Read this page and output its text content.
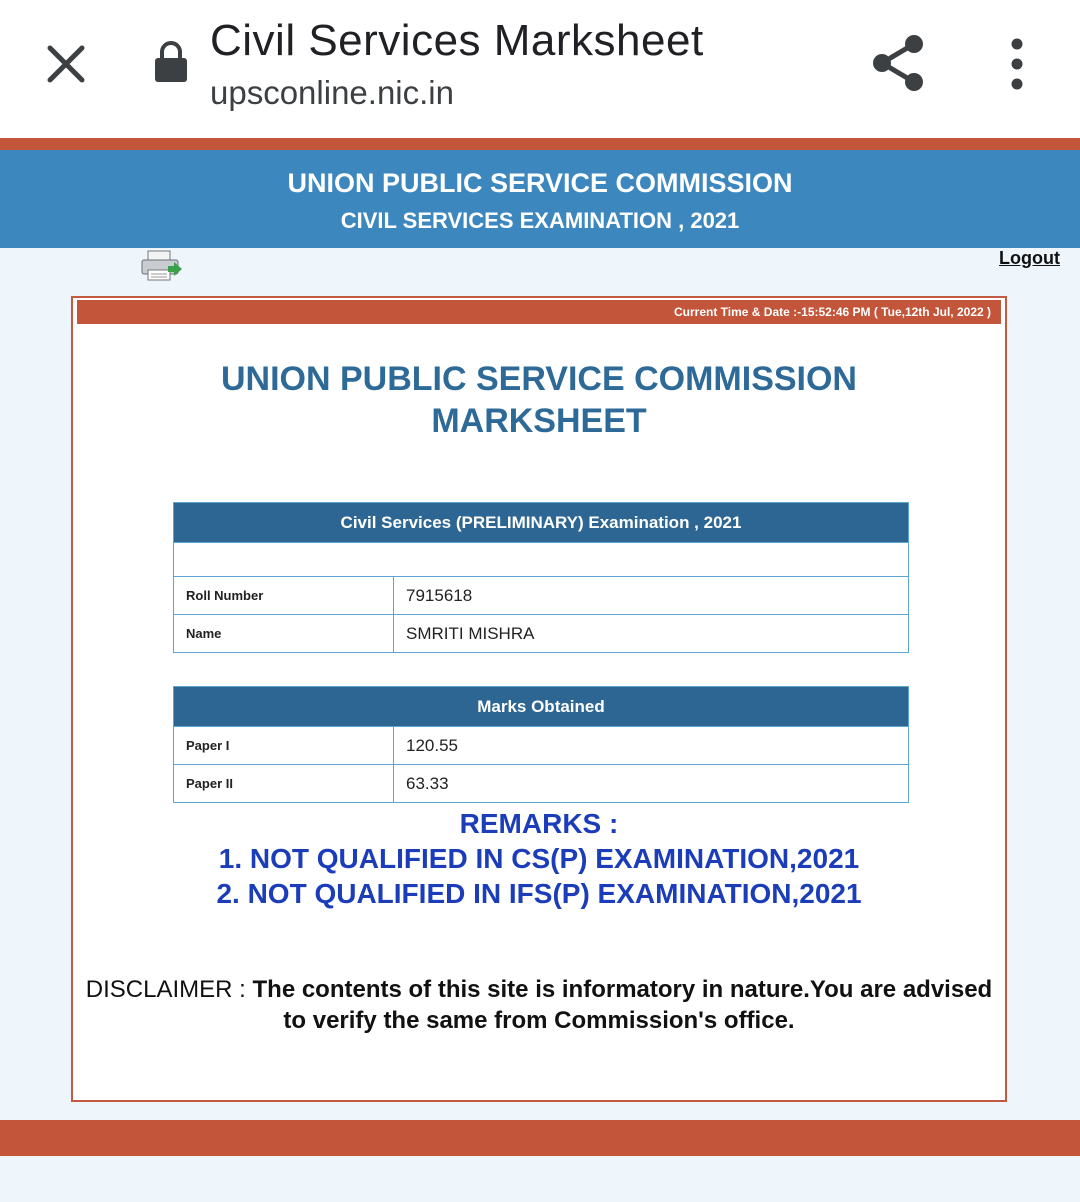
Civil Services Marksheet
upsconline.nic.in
UNION PUBLIC SERVICE COMMISSION
CIVIL SERVICES EXAMINATION , 2021
Logout
Current Time & Date :-15:52:46 PM ( Tue,12th Jul, 2022 )
UNION PUBLIC SERVICE COMMISSION
MARKSHEET
Civil Services (PRELIMINARY) Examination , 2021	

Roll Number	7915618
Name	SMRITI MISHRA
Marks Obtained	
Paper I	120.55
Paper II	63.33
REMARKS :
1. NOT QUALIFIED IN CS(P) EXAMINATION,2021
2. NOT QUALIFIED IN IFS(P) EXAMINATION,2021
DISCLAIMER : The contents of this site is informatory in nature.You are advised to verify the same from Commission's office.
